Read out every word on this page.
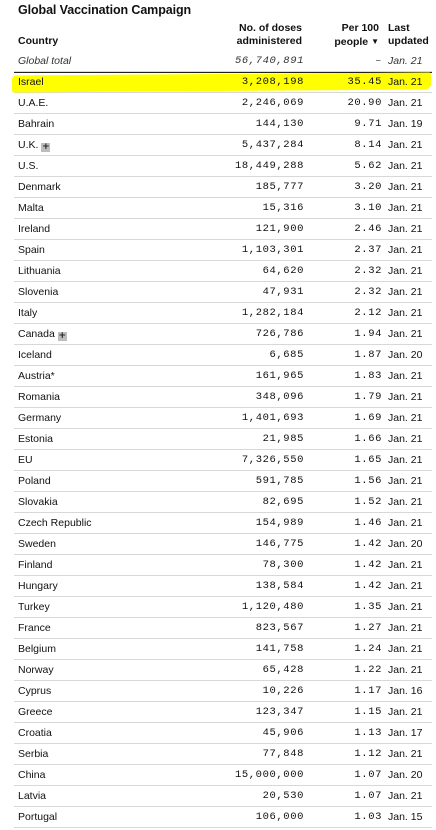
Global Vaccination Campaign
Country
No. of doses
administered
Per 100
people ▼
Last
updated
Global total	56,740,891	– Jan. 21
Israel	3,208,198	35.45 Jan. 21
U.A.E.	2,246,069	20.90 Jan. 21
Bahrain	144,130	9.71 Jan. 19
U.K. +	5,437,284	8.14 Jan. 21
U.S.	18,449,288	5.62 Jan. 21
Denmark	185,777	3.20 Jan. 21
Malta	15,316	3.10 Jan. 21
Ireland	121,900	2.46 Jan. 21
Spain	1,103,301	2.37 Jan. 21
Lithuania	64,620	2.32 Jan. 21
Slovenia	47,931	2.32 Jan. 21
Italy	1,282,184	2.12 Jan. 21
Canada +	726,786	1.94 Jan. 21
Iceland	6,685	1.87 Jan. 20
Austria*	161,965	1.83 Jan. 21
Romania	348,096	1.79 Jan. 21
Germany	1,401,693	1.69 Jan. 21
Estonia	21,985	1.66 Jan. 21
EU	7,326,550	1.65 Jan. 21
Poland	591,785	1.56 Jan. 21
Slovakia	82,695	1.52 Jan. 21
Czech Republic	154,989	1.46 Jan. 21
Sweden	146,775	1.42 Jan. 20
Finland	78,300	1.42 Jan. 21
Hungary	138,584	1.42 Jan. 21
Turkey	1,120,480	1.35 Jan. 21
France	823,567	1.27 Jan. 21
Belgium	141,758	1.24 Jan. 21
Norway	65,428	1.22 Jan. 21
Cyprus	10,226	1.17 Jan. 16
Greece	123,347	1.15 Jan. 21
Croatia	45,906	1.13 Jan. 17
Serbia	77,848	1.12 Jan. 21
China	15,000,000	1.07 Jan. 20
Latvia	20,530	1.07 Jan. 21
Portugal	106,000	1.03 Jan. 15
